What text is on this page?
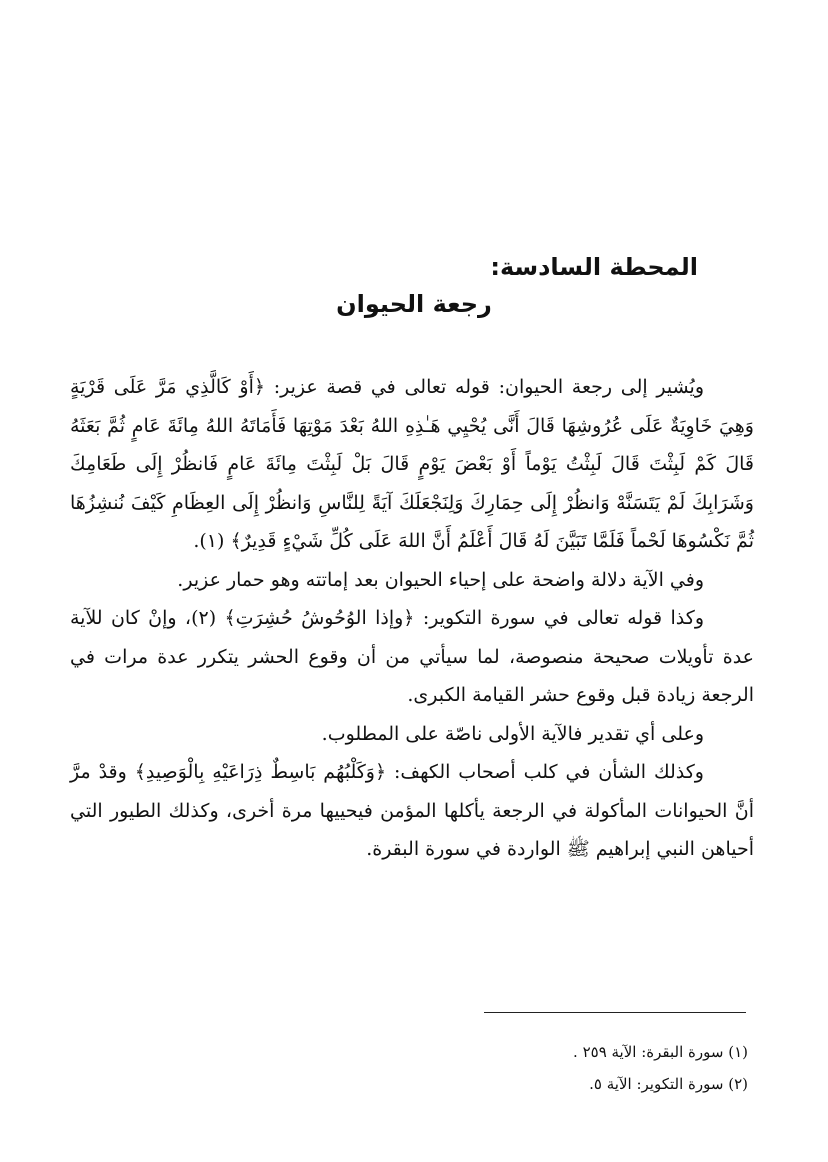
المحطة السادسة:
رجعة الحيوان

ويُشير إلى رجعة الحيوان: قوله تعالى في قصة عزير: ﴿أَوْ كَالَّذِي مَرَّ عَلَى قَرْيَةٍ وَهِيَ خَاوِيَةٌ عَلَى عُرُوشِهَا قَالَ أَنَّى يُحْيِي هَـٰذِهِ اللهُ بَعْدَ مَوْتِهَا فَأَمَاتَهُ اللهُ مِائَةَ عَامٍ ثُمَّ بَعَثَهُ قَالَ كَمْ لَبِثْتَ قَالَ لَبِثْتُ يَوْماً أَوْ بَعْضَ يَوْمٍ قَالَ بَلْ لَبِثْتَ مِائَةَ عَامٍ فَانظُرْ إِلَى طَعَامِكَ وَشَرَابِكَ لَمْ يَتَسَنَّهْ وَانظُرْ إِلَى حِمَارِكَ وَلِنَجْعَلَكَ آيَةً لِلنَّاسِ وَانظُرْ إِلَى العِظَامِ كَيْفَ نُنشِزُهَا ثُمَّ نَكْسُوهَا لَحْماً فَلَمَّا تَبَيَّنَ لَهُ قَالَ أَعْلَمُ أَنَّ اللهَ عَلَى كُلِّ شَيْءٍ قَدِيرٌ﴾ (١).

وفي الآية دلالة واضحة على إحياء الحيوان بعد إماتته وهو حمار عزير.

وكذا قوله تعالى في سورة التكوير: ﴿وإذا الوُحُوشُ حُشِرَتِ﴾ (٢)، وإنْ كان للآية عدة تأويلات صحيحة منصوصة، لما سيأتي من أن وقوع الحشر يتكرر عدة مرات في الرجعة زيادة قبل وقوع حشر القيامة الكبرى.

وعلى أي تقدير فالآية الأولى ناصّة على المطلوب.

وكذلك الشأن في كلب أصحاب الكهف: ﴿وَكَلْبُهُم بَاسِطٌ ذِرَاعَيْهِ بِالْوَصِيدِ﴾ وقدْ مرَّ أنَّ الحيوانات المأكولة في الرجعة يأكلها المؤمن فيحييها مرة أخرى، وكذلك الطيور التي أحياهن النبي إبراهيم ﷺ الواردة في سورة البقرة.

(١) سورة البقرة: الآية ٢٥٩ .

(٢) سورة التكوير: الآية ٥.
